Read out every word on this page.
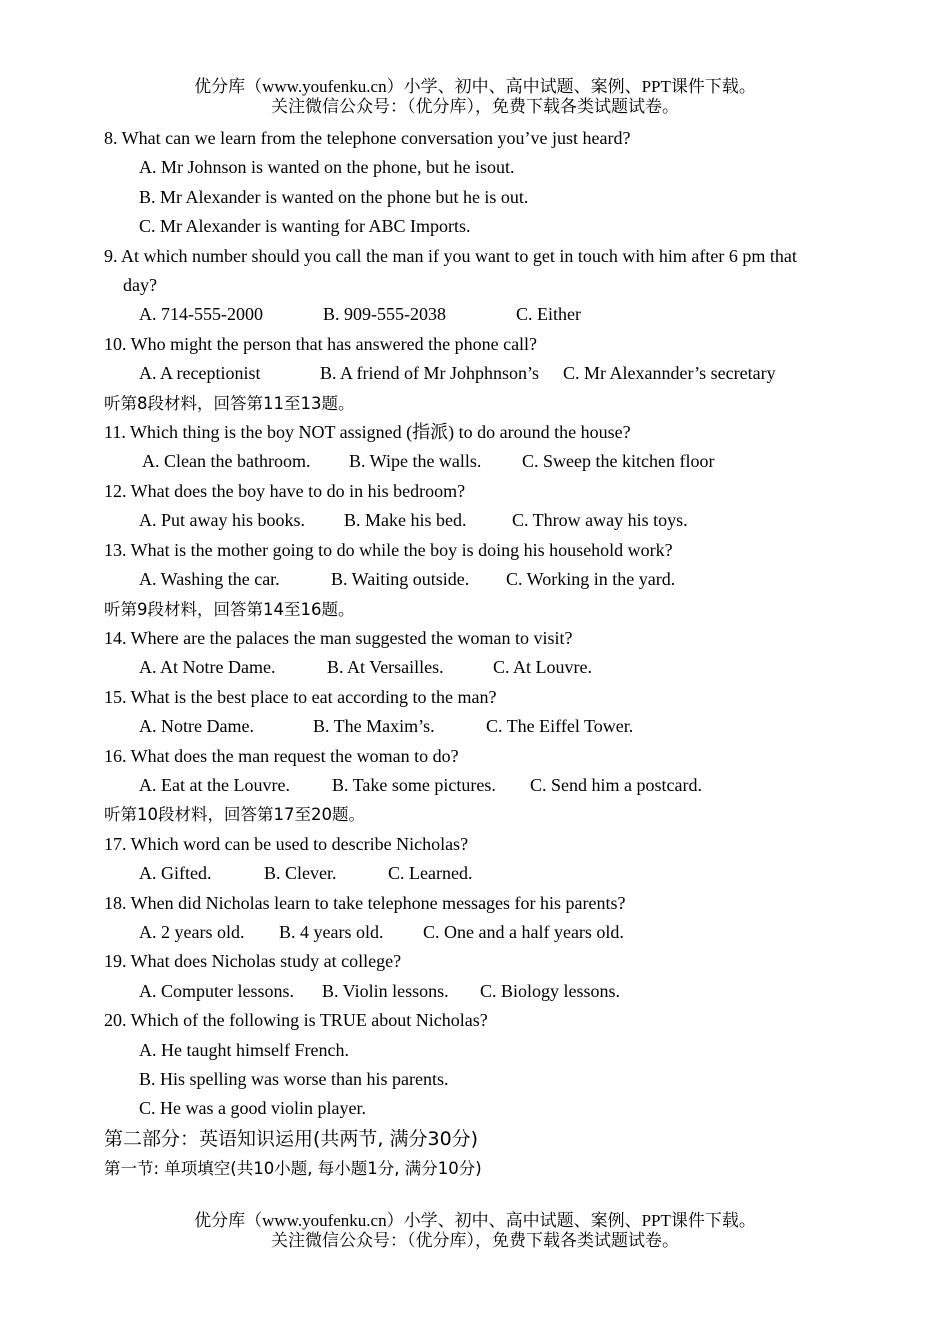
优分库（www.youfenku.cn）小学、初中、高中试题、案例、PPT课件下载。
关注微信公众号：（优分库），免费下载各类试题试卷。
8. What can we learn from the telephone conversation you’ve just heard?
A. Mr Johnson is wanted on the phone, but he isout.
B. Mr Alexander is wanted on the phone but he is out.
C. Mr Alexander is wanting for ABC Imports.
9. At which number should you call the man if you want to get in touch with him after 6 pm that
day?
A. 714-555-2000	B. 909-555-2038	C. Either
10. Who might the person that has answered the phone call?
A. A receptionist	B. A friend of Mr Johphnson’s C. Mr Alexannder’s secretary
听第8段材料，回答第11至13题。
11. Which thing is the boy NOT assigned (指派) to do around the house?
A. Clean the bathroom. B. Wipe the walls. C. Sweep the kitchen floor
12. What does the boy have to do in his bedroom?
A. Put away his books. B. Make his bed.	C. Throw away his toys.
13. What is the mother going to do while the boy is doing his household work?
A. Washing the car.	B. Waiting outside. C. Working in the yard.
听第9段材料，回答第14至16题。
14. Where are the palaces the man suggested the woman to visit?
A. At Notre Dame.	B. At Versailles.	C. At Louvre.
15. What is the best place to eat according to the man?
A. Notre Dame.	B. The Maxim’s.	C. The Eiffel Tower.
16. What does the man request the woman to do?
A. Eat at the Louvre. B. Take some pictures. C. Send him a postcard.
听第10段材料，回答第17至20题。
17. Which word can be used to describe Nicholas?
A. Gifted.	B. Clever.	C. Learned.
18. When did Nicholas learn to take telephone messages for his parents?
A. 2 years old. B. 4 years old. C. One and a half years old.
19. What does Nicholas study at college?
A. Computer lessons. B. Violin lessons. C. Biology lessons.
20. Which of the following is TRUE about Nicholas?
A. He taught himself French.
B. His spelling was worse than his parents.
C. He was a good violin player.
第二部分：英语知识运用(共两节, 满分30分)
第一节: 单项填空(共10小题, 每小题1分, 满分10分)
优分库（www.youfenku.cn）小学、初中、高中试题、案例、PPT课件下载。
关注微信公众号：（优分库），免费下载各类试题试卷。
